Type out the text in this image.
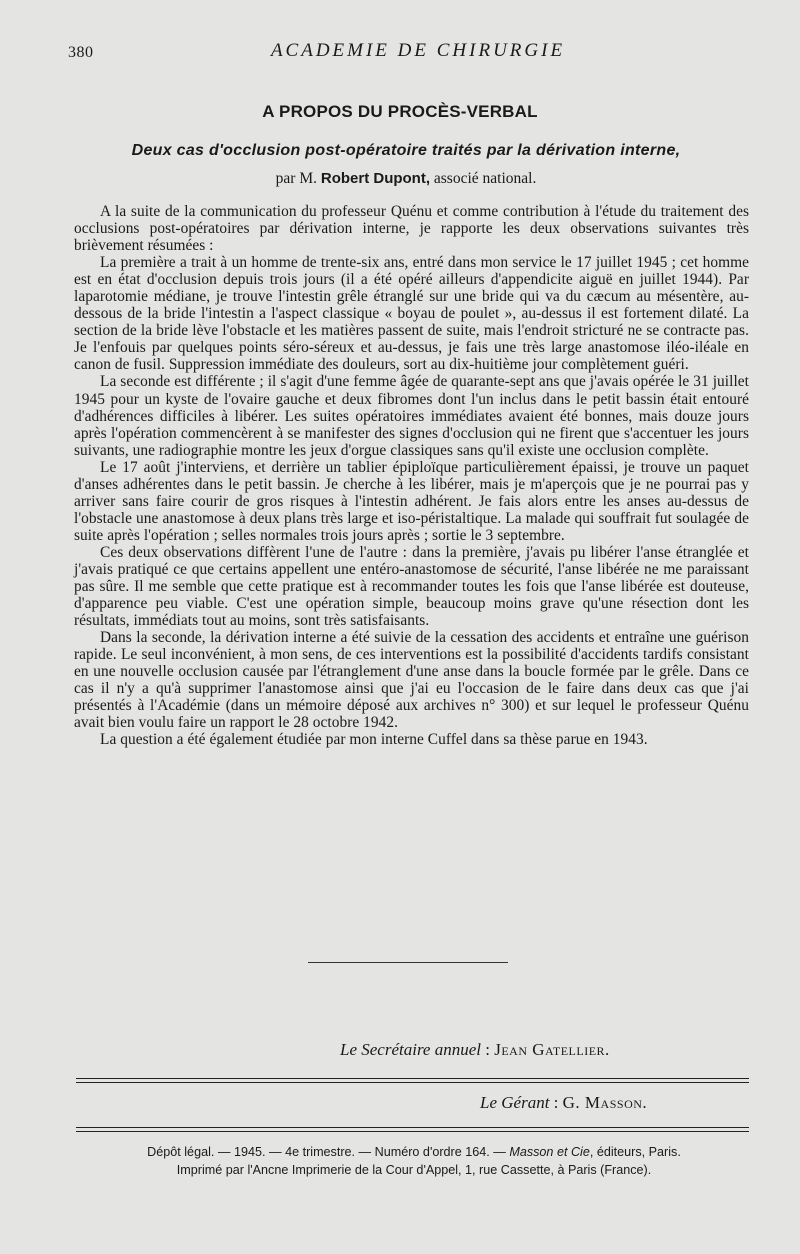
380	ACADEMIE DE CHIRURGIE
A PROPOS DU PROCÈS-VERBAL
Deux cas d'occlusion post-opératoire traités par la dérivation interne,
par M. Robert Dupont, associé national.

A la suite de la communication du professeur Quénu et comme contribution à l'étude du traitement des occlusions post-opératoires par dérivation interne, je rapporte les deux observations suivantes très brièvement résumées :

La première a trait à un homme de trente-six ans, entré dans mon service le 17 juillet 1945 ; cet homme est en état d'occlusion depuis trois jours (il a été opéré ailleurs d'appendicite aiguë en juillet 1944). Par laparotomie médiane, je trouve l'intestin grêle étranglé sur une bride qui va du cæcum au mésentère, au-dessous de la bride l'intestin a l'aspect classique « boyau de poulet », au-dessus il est fortement dilaté. La section de la bride lève l'obstacle et les matières passent de suite, mais l'endroit stricturé ne se contracte pas. Je l'enfouis par quelques points séro-séreux et au-dessus, je fais une très large anastomose iléo-iléale en canon de fusil. Suppression immédiate des douleurs, sort au dix-huitième jour complètement guéri.

La seconde est différente ; il s'agit d'une femme âgée de quarante-sept ans que j'avais opérée le 31 juillet 1945 pour un kyste de l'ovaire gauche et deux fibromes dont l'un inclus dans le petit bassin était entouré d'adhérences difficiles à libérer. Les suites opératoires immédiates avaient été bonnes, mais douze jours après l'opération commencèrent à se manifester des signes d'occlusion qui ne firent que s'accentuer les jours suivants, une radiographie montre les jeux d'orgue classiques sans qu'il existe une occlusion complète.

Le 17 août j'interviens, et derrière un tablier épiploïque particulièrement épaissi, je trouve un paquet d'anses adhérentes dans le petit bassin. Je cherche à les libérer, mais je m'aperçois que je ne pourrai pas y arriver sans faire courir de gros risques à l'intestin adhérent. Je fais alors entre les anses au-dessus de l'obstacle une anastomose à deux plans très large et iso-péristaltique. La malade qui souffrait fut soulagée de suite après l'opération ; selles normales trois jours après ; sortie le 3 septembre.

Ces deux observations diffèrent l'une de l'autre : dans la première, j'avais pu libérer l'anse étranglée et j'avais pratiqué ce que certains appellent une entéro-anastomose de sécurité, l'anse libérée ne me paraissant pas sûre. Il me semble que cette pratique est à recommander toutes les fois que l'anse libérée est douteuse, d'apparence peu viable. C'est une opération simple, beaucoup moins grave qu'une résection dont les résultats, immédiats tout au moins, sont très satisfaisants.

Dans la seconde, la dérivation interne a été suivie de la cessation des accidents et entraîne une guérison rapide. Le seul inconvénient, à mon sens, de ces interventions est la possibilité d'accidents tardifs consistant en une nouvelle occlusion causée par l'étranglement d'une anse dans la boucle formée par le grêle. Dans ce cas il n'y a qu'à supprimer l'anastomose ainsi que j'ai eu l'occasion de le faire dans deux cas que j'ai présentés à l'Académie (dans un mémoire déposé aux archives n° 300) et sur lequel le professeur Quénu avait bien voulu faire un rapport le 28 octobre 1942.

La question a été également étudiée par mon interne Cuffel dans sa thèse parue en 1943.

Le Secrétaire annuel : Jean Gatellier.
Le Gérant : G. Masson.
Dépôt légal. — 1945. — 4e trimestre. — Numéro d'ordre 164. — Masson et Cie, éditeurs, Paris.
Imprimé par l'Ancne Imprimerie de la Cour d'Appel, 1, rue Cassette, à Paris (France).
